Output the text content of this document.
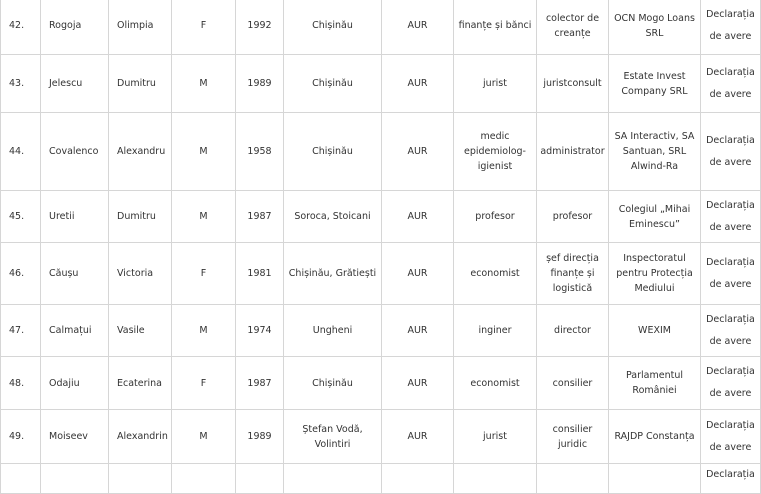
42.	Rogoja	Olimpia	F	1992	Chișinău	AUR	finanțe și bănci	colector de creanțe	OCN Mogo Loans SRL	Declarația de avere
43.	Jelescu	Dumitru	M	1989	Chișinău	AUR	jurist	juristconsult	Estate Invest Company SRL	Declarația de avere
44.	Covalenco	Alexandru	M	1958	Chișinău	AUR	medic epidemiolog-igienist	administrator	SA Interactiv, SA Santuan, SRL Alwind-Ra	Declarația de avere
45.	Uretii	Dumitru	M	1987	Soroca, Stoicani	AUR	profesor	profesor	Colegiul „Mihai Eminescu”	Declarația de avere
46.	Căușu	Victoria	F	1981	Chișinău, Grătiești	AUR	economist	șef direcția finanțe și logistică	Inspectoratul pentru Protecția Mediului	Declarația de avere
47.	Calmațui	Vasile	M	1974	Ungheni	AUR	inginer	director	WEXIM	Declarația de avere
48.	Odajiu	Ecaterina	F	1987	Chișinău	AUR	economist	consilier	Parlamentul României	Declarația de avere
49.	Moiseev	Alexandrin	M	1989	Ștefan Vodă, Volintiri	AUR	jurist	consilier juridic	RAJDP Constanța	Declarația de avere
										Declarația
